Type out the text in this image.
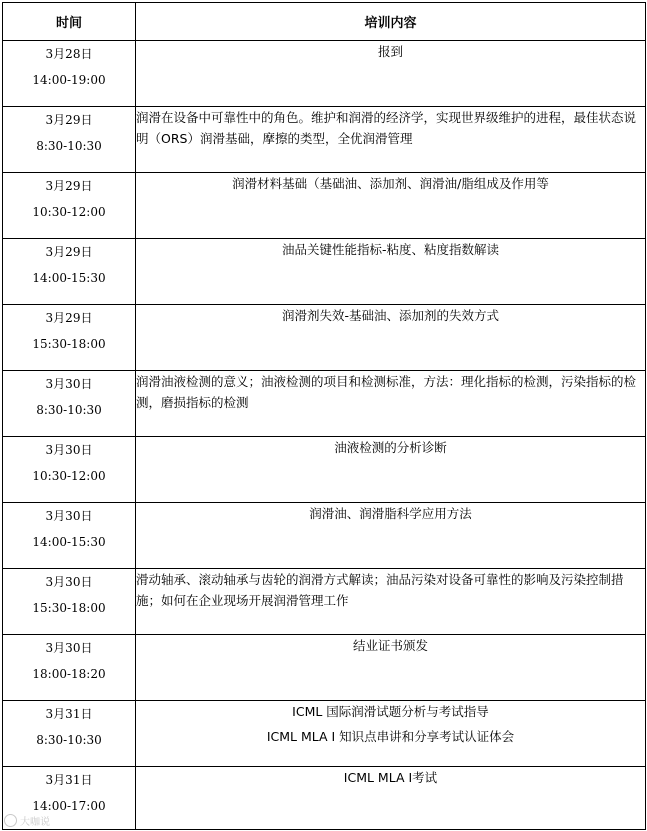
时间	培训内容

3月28日
14:00-19:00	报到

3月29日
8:30-10:30	润滑在设备中可靠性中的角色。维护和润滑的经济学，实现世界级维护的进程，最佳状态说明（ORS）润滑基础，摩擦的类型，全优润滑管理

3月29日
10:30-12:00	润滑材料基础（基础油、添加剂、润滑油/脂组成及作用等

3月29日
14:00-15:30	油品关键性能指标-粘度、粘度指数解读

3月29日
15:30-18:00	润滑剂失效-基础油、添加剂的失效方式

3月30日
8:30-10:30	润滑油液检测的意义；油液检测的项目和检测标准，方法：理化指标的检测，污染指标的检测，磨损指标的检测

3月30日
10:30-12:00	油液检测的分析诊断

3月30日
14:00-15:30	润滑油、润滑脂科学应用方法

3月30日
15:30-18:00	滑动轴承、滚动轴承与齿轮的润滑方式解读；油品污染对设备可靠性的影响及污染控制措施；如何在企业现场开展润滑管理工作

3月30日
18:00-18:20	结业证书颁发

3月31日
8:30-10:30	ICML 国际润滑试题分析与考试指导
ICML MLA I 知识点串讲和分享考试认证体会

3月31日
14:00-17:00	ICML MLA I考试
大咖说
